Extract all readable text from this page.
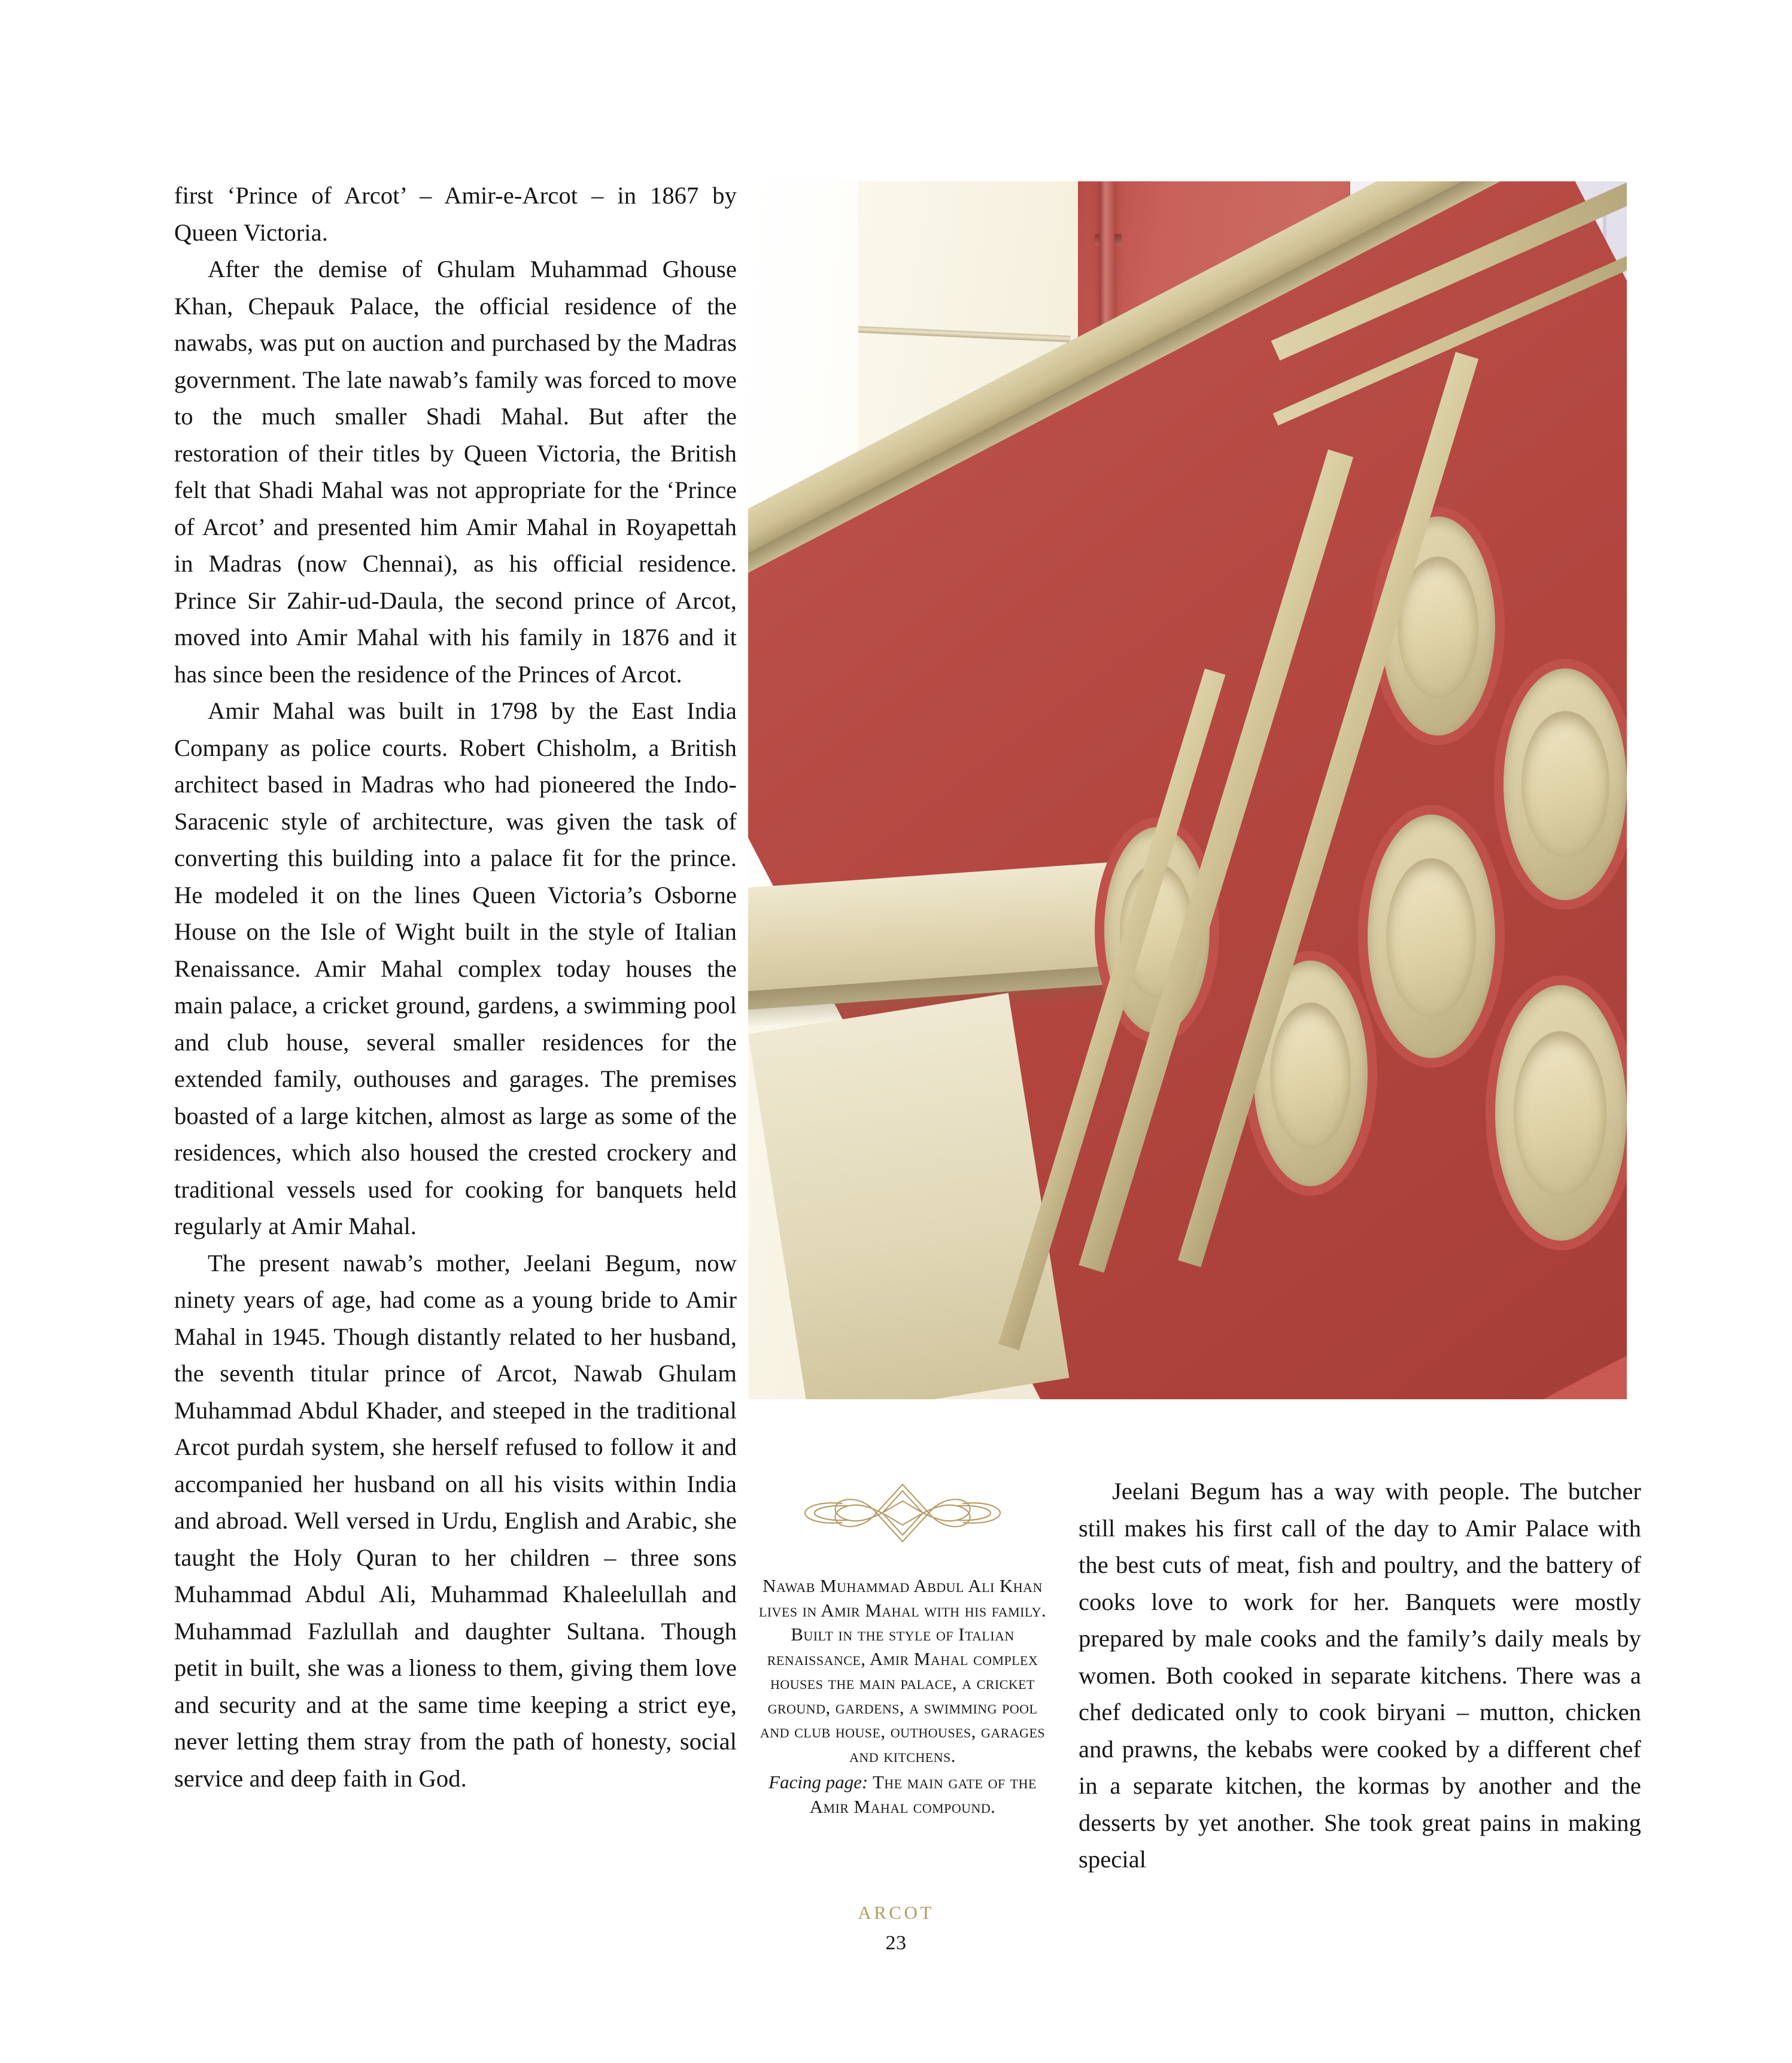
first ‘Prince of Arcot’ – Amir-e-Arcot – in 1867 by Queen Victoria.

After the demise of Ghulam Muhammad Ghouse Khan, Chepauk Palace, the official residence of the nawabs, was put on auction and purchased by the Madras government. The late nawab’s family was forced to move to the much smaller Shadi Mahal. But after the restoration of their titles by Queen Victoria, the British felt that Shadi Mahal was not appropriate for the ‘Prince of Arcot’ and presented him Amir Mahal in Royapettah in Madras (now Chennai), as his official residence. Prince Sir Zahir-ud-Daula, the second prince of Arcot, moved into Amir Mahal with his family in 1876 and it has since been the residence of the Princes of Arcot.

Amir Mahal was built in 1798 by the East India Company as police courts. Robert Chisholm, a British architect based in Madras who had pioneered the Indo-Saracenic style of architecture, was given the task of converting this building into a palace fit for the prince. He modeled it on the lines Queen Victoria’s Osborne House on the Isle of Wight built in the style of Italian Renaissance. Amir Mahal complex today houses the main palace, a cricket ground, gardens, a swimming pool and club house, several smaller residences for the extended family, outhouses and garages. The premises boasted of a large kitchen, almost as large as some of the residences, which also housed the crested crockery and traditional vessels used for cooking for banquets held regularly at Amir Mahal.

The present nawab’s mother, Jeelani Begum, now ninety years of age, had come as a young bride to Amir Mahal in 1945. Though distantly related to her husband, the seventh titular prince of Arcot, Nawab Ghulam Muhammad Abdul Khader, and steeped in the traditional Arcot purdah system, she herself refused to follow it and accompanied her husband on all his visits within India and abroad. Well versed in Urdu, English and Arabic, she taught the Holy Quran to her children – three sons Muhammad Abdul Ali, Muhammad Khaleelullah and Muhammad Fazlullah and daughter Sultana. Though petit in built, she was a lioness to them, giving them love and security and at the same time keeping a strict eye, never letting them stray from the path of honesty, social service and deep faith in God.

Nawab Muhammad Abdul Ali Khan lives in Amir Mahal with his family. Built in the style of Italian renaissance, Amir Mahal complex houses the main palace, a cricket ground, gardens, a swimming pool and club house, outhouses, garages and kitchens.

Facing page: The main gate of the Amir Mahal compound.

Jeelani Begum has a way with people. The butcher still makes his first call of the day to Amir Palace with the best cuts of meat, fish and poultry, and the battery of cooks love to work for her. Banquets were mostly prepared by male cooks and the family’s daily meals by women. Both cooked in separate kitchens. There was a chef dedicated only to cook biryani – mutton, chicken and prawns, the kebabs were cooked by a different chef in a separate kitchen, the kormas by another and the desserts by yet another. She took great pains in making special

ARCOT

23
